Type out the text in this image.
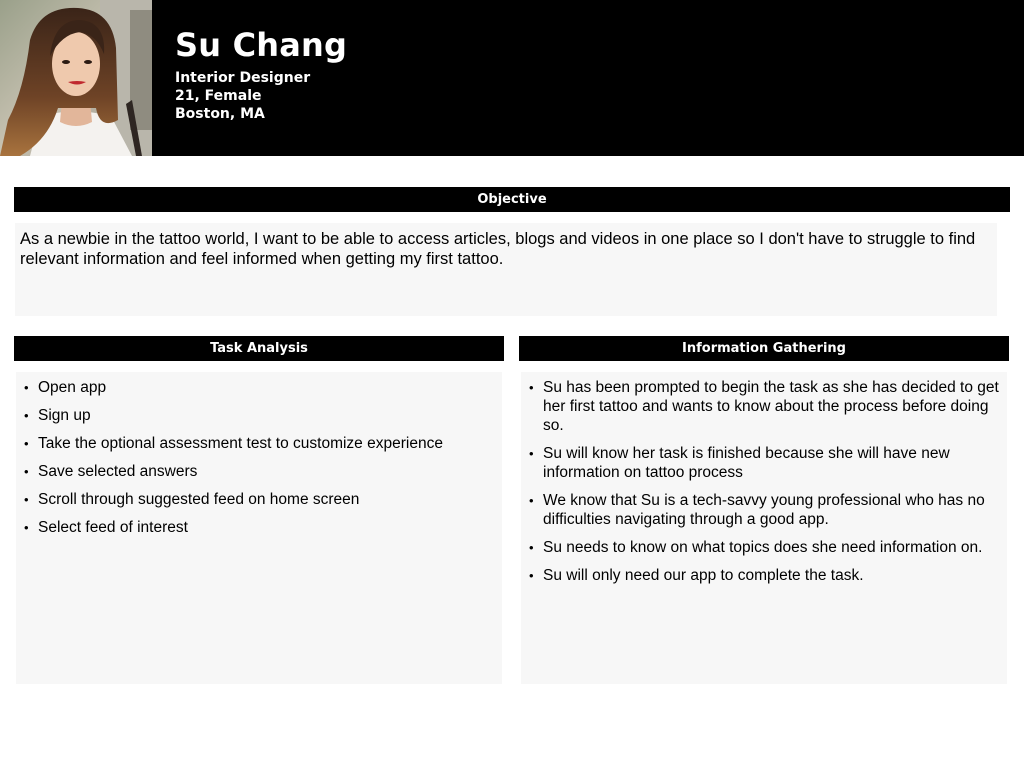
Su Chang
Interior Designer
21, Female
Boston, MA
Objective

As a newbie in the tattoo world, I want to be able to access articles, blogs and videos in one place so I don't have to struggle to find relevant information and feel informed when getting my first tattoo.

Task Analysis
• Open app
• Sign up
• Take the optional assessment test to customize experience
• Save selected answers
• Scroll through suggested feed on home screen
• Select feed of interest
Information Gathering
• Su has been prompted to begin the task as she has decided to get her first tattoo and wants to know about the process before doing so.
• Su will know her task is finished because she will have new information on tattoo process
• We know that Su is a tech-savvy young professional who has no difficulties navigating through a good app.
• Su needs to know on what topics does she need information on.
• Su will only need our app to complete the task.
